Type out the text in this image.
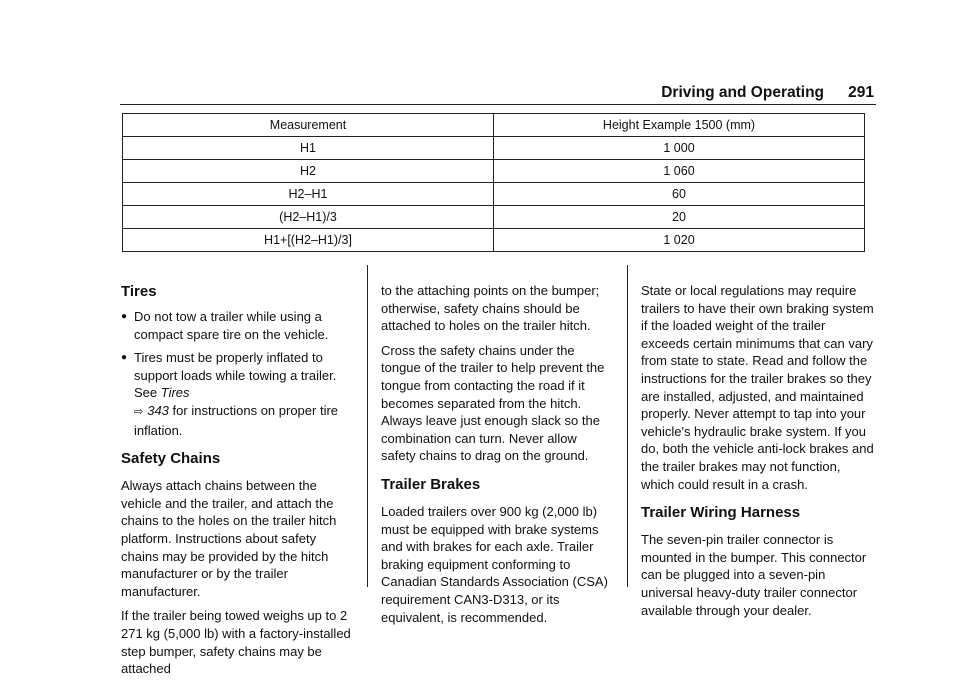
Driving and Operating 291
Measurement	Height Example 1500 (mm)
H1	1 000
H2	1 060
H2–H1	60
(H2–H1)/3	20
H1+[(H2–H1)/3]	1 020
Tires
● Do not tow a trailer while using a compact spare tire on the vehicle.
● Tires must be properly inflated to support loads while towing a trailer. See Tires
⇨ 343 for instructions on proper tire inflation.
Safety Chains

Always attach chains between the vehicle and the trailer, and attach the chains to the holes on the trailer hitch platform. Instructions about safety chains may be provided by the hitch manufacturer or by the trailer manufacturer.

If the trailer being towed weighs up to 2 271 kg (5,000 lb) with a factory-installed step bumper, safety chains may be attached

to the attaching points on the bumper; otherwise, safety chains should be attached to holes on the trailer hitch.

Cross the safety chains under the tongue of the trailer to help prevent the tongue from contacting the road if it becomes separated from the hitch. Always leave just enough slack so the combination can turn. Never allow safety chains to drag on the ground.

Trailer Brakes

Loaded trailers over 900 kg (2,000 lb) must be equipped with brake systems and with brakes for each axle. Trailer braking equipment conforming to Canadian Standards Association (CSA) requirement CAN3-D313, or its equivalent, is recommended.

State or local regulations may require trailers to have their own braking system if the loaded weight of the trailer exceeds certain minimums that can vary from state to state. Read and follow the instructions for the trailer brakes so they are installed, adjusted, and maintained properly. Never attempt to tap into your vehicle's hydraulic brake system. If you do, both the vehicle anti-lock brakes and the trailer brakes may not function, which could result in a crash.

Trailer Wiring Harness

The seven-pin trailer connector is mounted in the bumper. This connector can be plugged into a seven-pin universal heavy-duty trailer connector available through your dealer.
